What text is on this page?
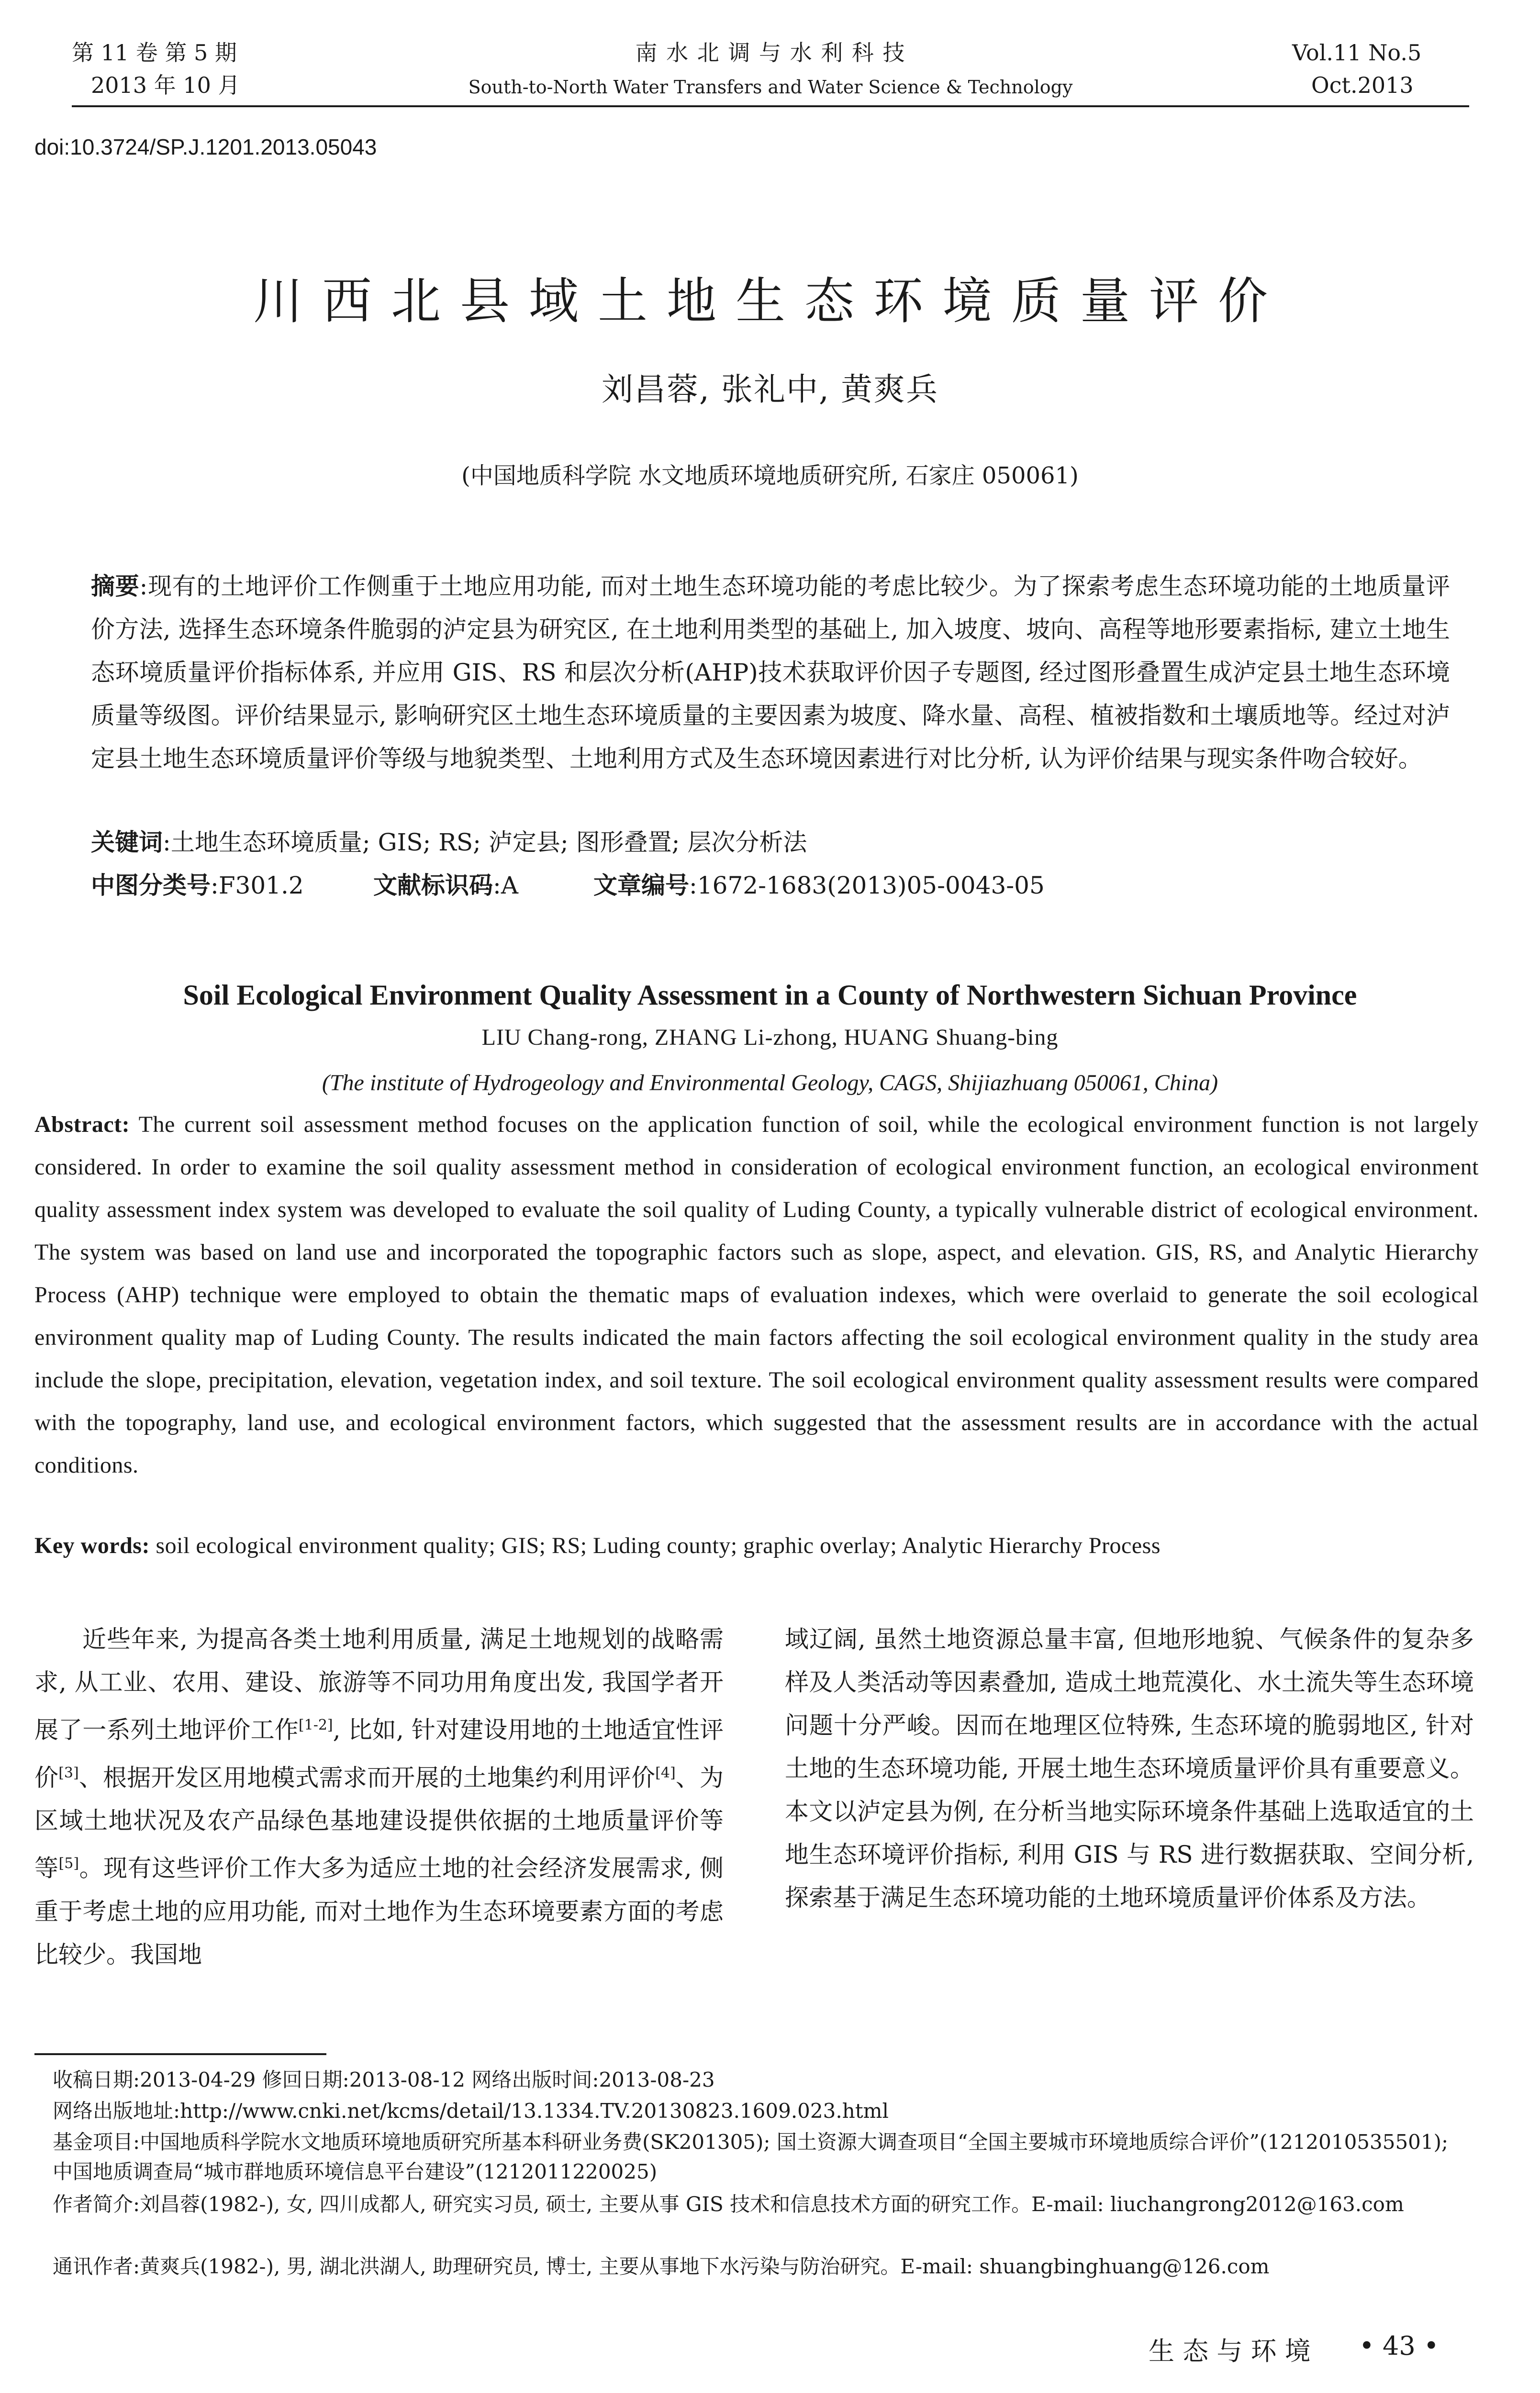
第 11 卷 第 5 期
2013 年 10 月
南 水 北 调 与 水 利 科 技
South-to-North Water Transfers and Water Science & Technology
Vol.11 No.5
Oct.2013
doi:10.3724/SP.J.1201.2013.05043
川西北县域土地生态环境质量评价
刘昌蓉, 张礼中, 黄爽兵
(中国地质科学院 水文地质环境地质研究所, 石家庄 050061)
摘要:现有的土地评价工作侧重于土地应用功能, 而对土地生态环境功能的考虑比较少。为了探索考虑生态环境功能的土地质量评价方法, 选择生态环境条件脆弱的泸定县为研究区, 在土地利用类型的基础上, 加入坡度、坡向、高程等地形要素指标, 建立土地生态环境质量评价指标体系, 并应用 GIS、RS 和层次分析(AHP)技术获取评价因子专题图, 经过图形叠置生成泸定县土地生态环境质量等级图。评价结果显示, 影响研究区土地生态环境质量的主要因素为坡度、降水量、高程、植被指数和土壤质地等。经过对泸定县土地生态环境质量评价等级与地貌类型、土地利用方式及生态环境因素进行对比分析, 认为评价结果与现实条件吻合较好。
关键词:土地生态环境质量; GIS; RS; 泸定县; 图形叠置; 层次分析法
中图分类号:F301.2	文献标识码:A	文章编号:1672-1683(2013)05-0043-05
Soil Ecological Environment Quality Assessment in a County of Northwestern Sichuan Province
LIU Chang-rong, ZHANG Li-zhong, HUANG Shuang-bing
(The institute of Hydrogeology and Environmental Geology, CAGS, Shijiazhuang 050061, China)
Abstract: The current soil assessment method focuses on the application function of soil, while the ecological environment function is not largely considered. In order to examine the soil quality assessment method in consideration of ecological environment function, an ecological environment quality assessment index system was developed to evaluate the soil quality of Luding County, a typically vulnerable district of ecological environment. The system was based on land use and incorporated the topographic factors such as slope, aspect, and elevation. GIS, RS, and Analytic Hierarchy Process (AHP) technique were employed to obtain the thematic maps of evaluation indexes, which were overlaid to generate the soil ecological environment quality map of Luding County. The results indicated the main factors affecting the soil ecological environment quality in the study area include the slope, precipitation, elevation, vegetation index, and soil texture. The soil ecological environment quality assessment results were compared with the topography, land use, and ecological environment factors, which suggested that the assessment results are in accordance with the actual conditions.
Key words: soil ecological environment quality; GIS; RS; Luding county; graphic overlay; Analytic Hierarchy Process

近些年来, 为提高各类土地利用质量, 满足土地规划的战略需求, 从工业、农用、建设、旅游等不同功用角度出发, 我国学者开展了一系列土地评价工作[1-2], 比如, 针对建设用地的土地适宜性评价[3]、根据开发区用地模式需求而开展的土地集约利用评价[4]、为区域土地状况及农产品绿色基地建设提供依据的土地质量评价等等[5]。现有这些评价工作大多为适应土地的社会经济发展需求, 侧重于考虑土地的应用功能, 而对土地作为生态环境要素方面的考虑比较少。我国地

域辽阔, 虽然土地资源总量丰富, 但地形地貌、气候条件的复杂多样及人类活动等因素叠加, 造成土地荒漠化、水土流失等生态环境问题十分严峻。因而在地理区位特殊, 生态环境的脆弱地区, 针对土地的生态环境功能, 开展土地生态环境质量评价具有重要意义。本文以泸定县为例, 在分析当地实际环境条件基础上选取适宜的土地生态环境评价指标, 利用 GIS 与 RS 进行数据获取、空间分析, 探索基于满足生态环境功能的土地环境质量评价体系及方法。

收稿日期:2013-04-29 修回日期:2013-08-12 网络出版时间:2013-08-23
网络出版地址:http://www.cnki.net/kcms/detail/13.1334.TV.20130823.1609.023.html
基金项目:中国地质科学院水文地质环境地质研究所基本科研业务费(SK201305); 国土资源大调查项目“全国主要城市环境地质综合评价”(1212010535501); 中国地质调查局“城市群地质环境信息平台建设”(1212011220025)
作者简介:刘昌蓉(1982-), 女, 四川成都人, 研究实习员, 硕士, 主要从事 GIS 技术和信息技术方面的研究工作。E-mail: liuchangrong2012@163.com
通讯作者:黄爽兵(1982-), 男, 湖北洪湖人, 助理研究员, 博士, 主要从事地下水污染与防治研究。E-mail: shuangbinghuang@126.com
生 态 与 环 境 • 43 •
